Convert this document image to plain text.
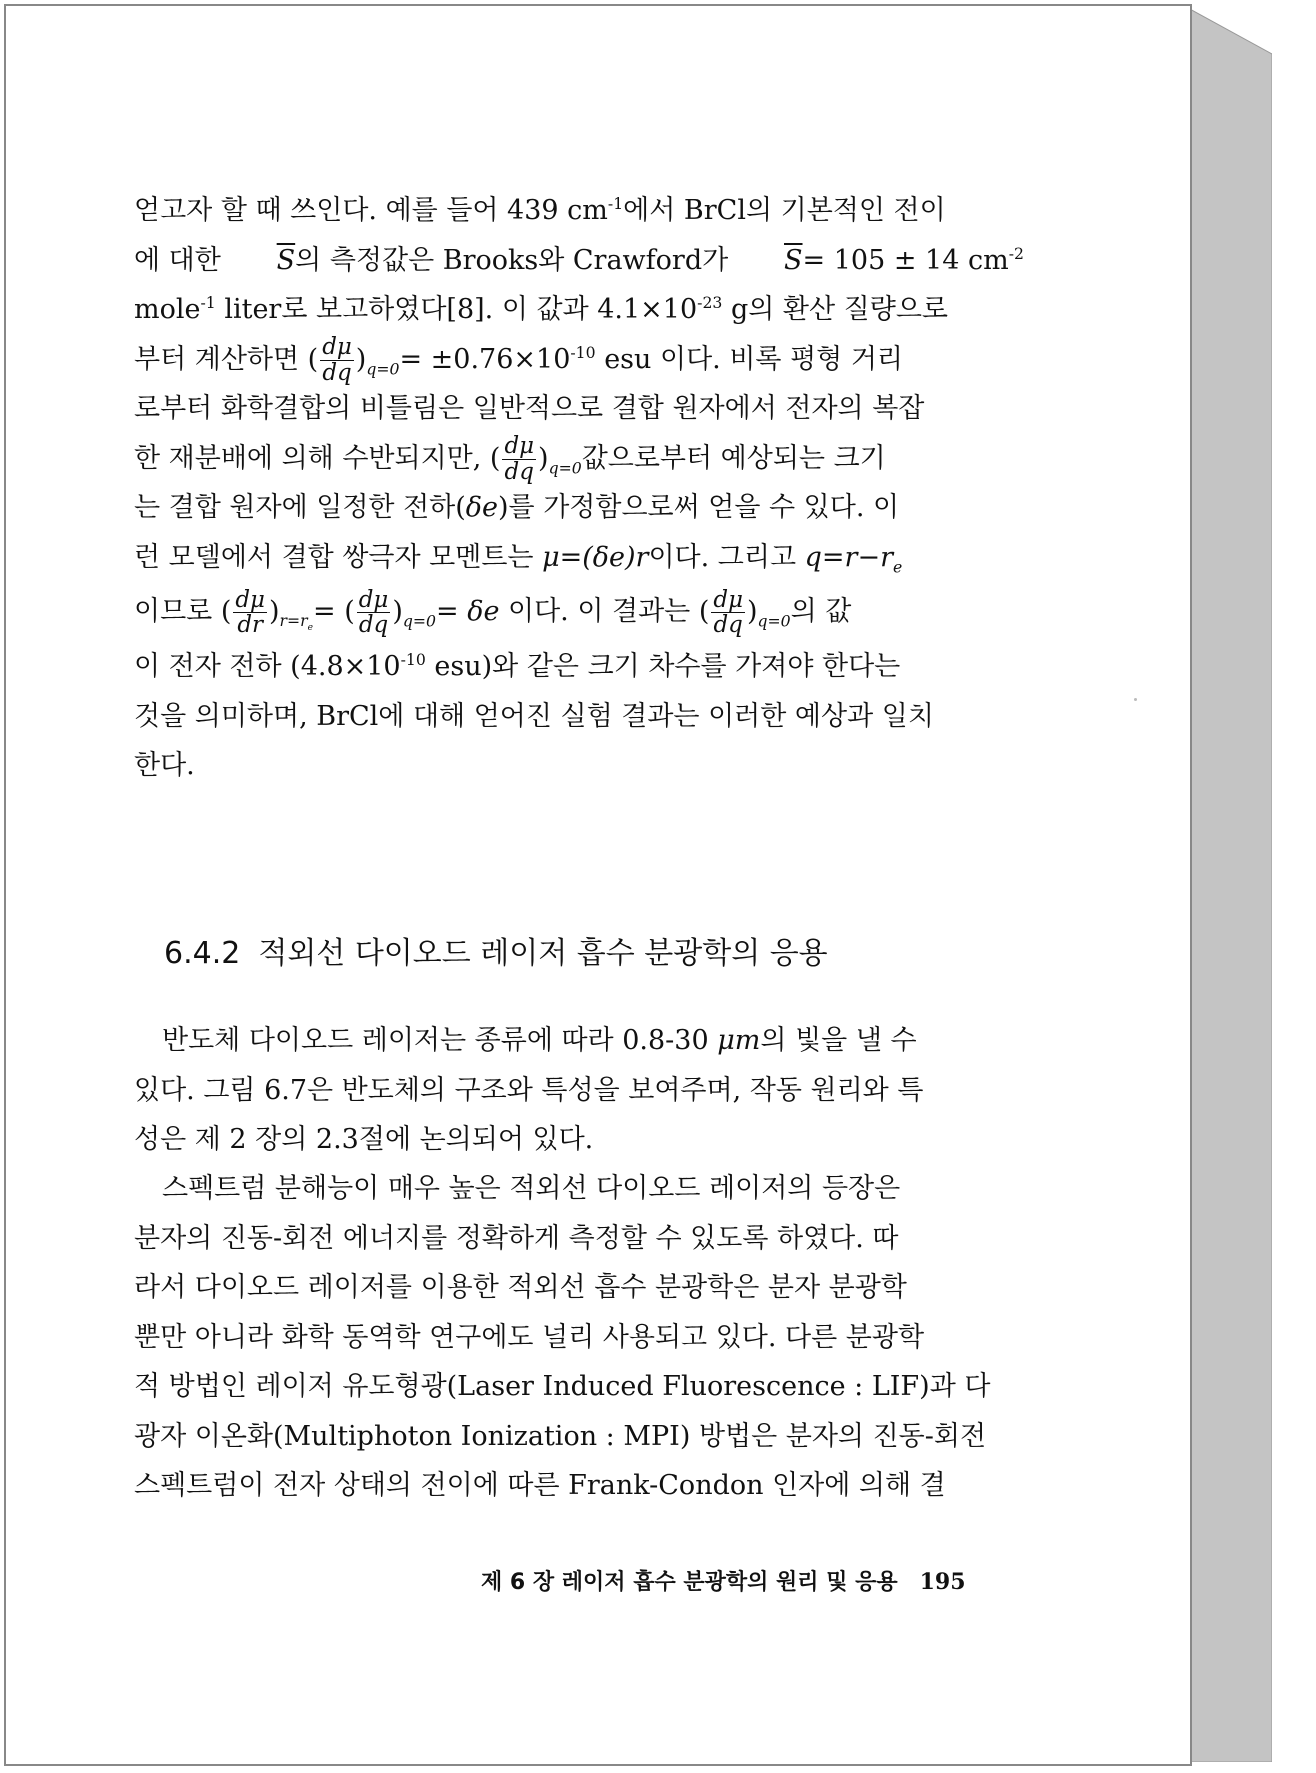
얻고자 할 때 쓰인다. 예를 들어 439 $cm^{-1}$에서 BrCl의 기본적인 전이
에 대한 $\overline{S}$의 측정값은 Brooks와 Crawford가 $\overline{S}= 105 \pm 14$ $cm^{-2}$
mole$^{-1}$ liter로 보고하였다[8]. 이 값과 $4.1\times 10^{-23}$ g의 환산 질량으로
부터 계산하면 ( $\frac{d\mu}{dq} )_{q=0}= \pm 0.76\times 10^{-10}$ esu 이다. 비록 평형 거리
로부터 화학결합의 비틀림은 일반적으로 결합 원자에서 전자의 복잡
한 재분배에 의해 수반되지만, ( $\frac{d\mu}{dq} )_{q=0}$값으로부터 예상되는 크기
는 결합 원자에 일정한 전하(δe)를 가정함으로써 얻을 수 있다. 이
런 모델에서 결합 쌍극자 모멘트는 μ=(δe)r이다. 그리고 $q=r-r_e$
이므로 ( $\frac{d\mu}{dr} )_{r=r_e}=$ ( $\frac{d\mu}{dq} )_{q=0}= \delta e$ 이다. 이 결과는 ( $\frac{d\mu}{dq} )_{q=0}$의 값
이 전자 전하 ($4.8\times 10^{-10}$ esu)와 같은 크기 차수를 가져야 한다는
것을 의미하며, BrCl에 대해 얻어진 실험 결과는 이러한 예상과 일치
한다.
6.4.2 적외선 다이오드 레이저 흡수 분광학의 응용
반도체 다이오드 레이저는 종류에 따라 0.8-30 μm의 빛을 낼 수
있다. 그림 6.7은 반도체의 구조와 특성을 보여주며, 작동 원리와 특
성은 제 2 장의 2.3절에 논의되어 있다.
스펙트럼 분해능이 매우 높은 적외선 다이오드 레이저의 등장은
분자의 진동-회전 에너지를 정확하게 측정할 수 있도록 하였다. 따
라서 다이오드 레이저를 이용한 적외선 흡수 분광학은 분자 분광학
뿐만 아니라 화학 동역학 연구에도 널리 사용되고 있다. 다른 분광학
적 방법인 레이저 유도형광(Laser Induced Fluorescence : LIF)과 다
광자 이온화(Multiphoton Ionization : MPI) 방법은 분자의 진동-회전
스펙트럼이 전자 상태의 전이에 따른 Frank-Condon 인자에 의해 결
제 6 장 레이저 흡수 분광학의 원리 및 응용 195
